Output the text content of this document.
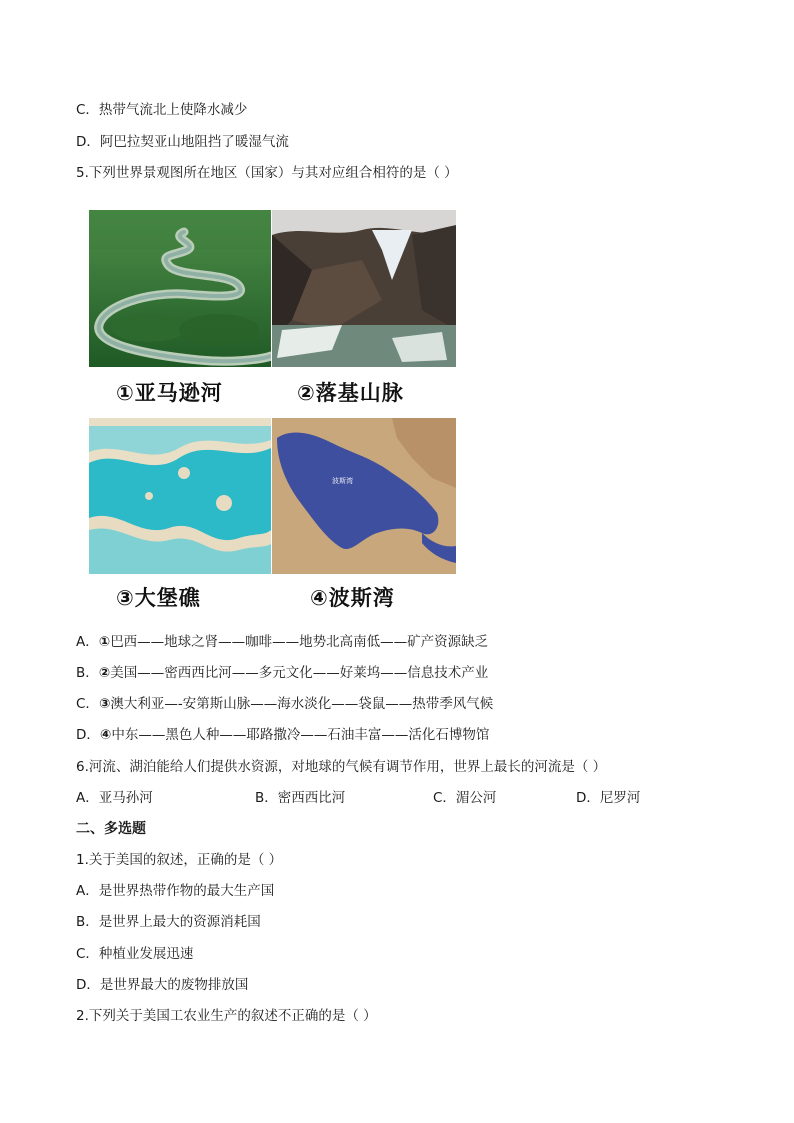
C．热带气流北上使降水减少
D．阿巴拉契亚山地阻挡了暖湿气流
5.下列世界景观图所在地区（国家）与其对应组合相符的是（ ）
①亚马逊河	②落基山脉
波斯湾
③大堡礁	④波斯湾
A．①巴西——地球之肾——咖啡——地势北高南低——矿产资源缺乏
B．②美国——密西西比河——多元文化——好莱坞——信息技术产业
C．③澳大利亚—-安第斯山脉——海水淡化——袋鼠——热带季风气候
D．④中东——黑色人种——耶路撒冷——石油丰富——活化石博物馆
6.河流、湖泊能给人们提供水资源，对地球的气候有调节作用，世界上最长的河流是（ ）
A．亚马孙河	B．密西西比河	C．湄公河	D．尼罗河
二、多选题
1.关于美国的叙述，正确的是（ ）
A．是世界热带作物的最大生产国
B．是世界上最大的资源消耗国
C．种植业发展迅速
D．是世界最大的废物排放国
2.下列关于美国工农业生产的叙述不正确的是（ ）
